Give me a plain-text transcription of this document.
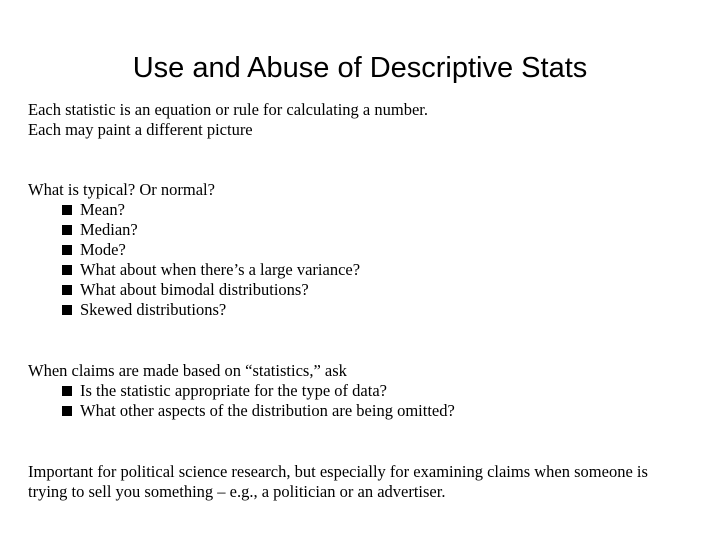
Use and Abuse of Descriptive Stats
Each statistic is an equation or rule for calculating a number.
Each may paint a different picture
What is typical? Or normal?
Mean?
Median?
Mode?
What about when there’s a large variance?
What about bimodal distributions?
Skewed distributions?
When claims are made based on “statistics,” ask
Is the statistic appropriate for the type of data?
What other aspects of the distribution are being omitted?
Important for political science research, but especially for examining claims when someone is
trying to sell you something – e.g., a politician or an advertiser.
